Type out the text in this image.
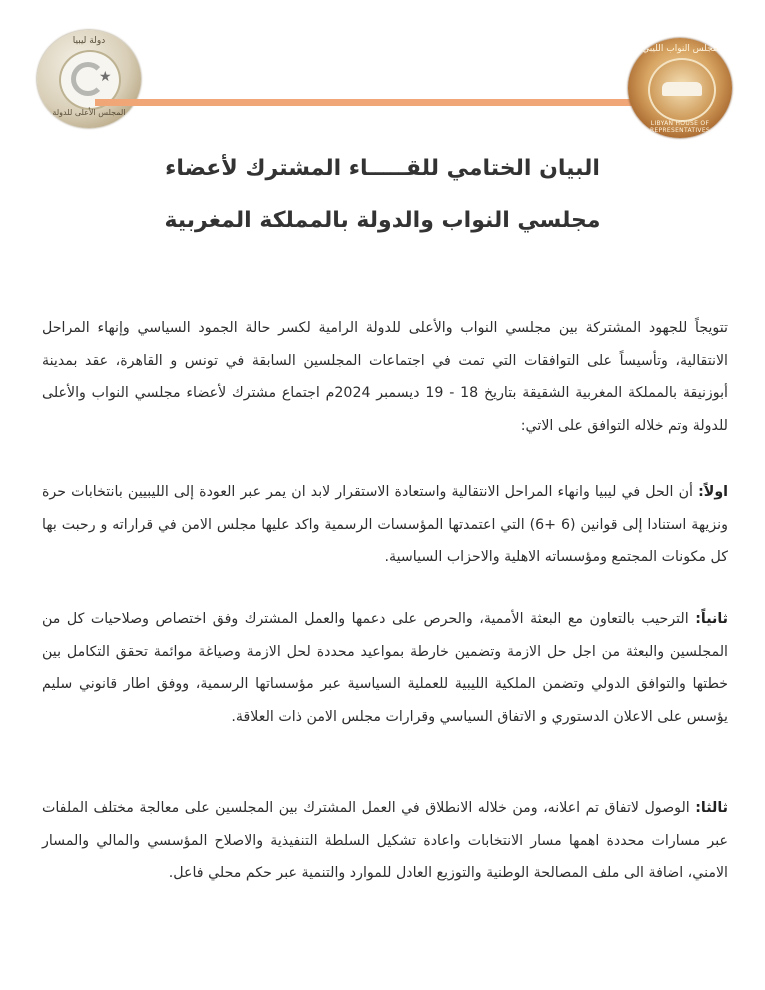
دولة ليبيا
★
المجلس الأعلى للدولة
مجلس النواب الليبي
LIBYAN HOUSE OF REPRESENTATIVES
البيان الختامي للقـــــاء المشترك لأعضاء
مجلسي النواب والدولة بالمملكة المغربية

تتويجاً للجهود المشتركة بين مجلسي النواب والأعلى للدولة الرامية لكسر حالة الجمود السياسي وإنهاء المراحل الانتقالية، وتأسيساً على التوافقات التي تمت في اجتماعات المجلسين السابقة في تونس و القاهرة، عقد بمدينة أبوزنيقة بالمملكة المغربية الشقيقة بتاريخ 18 - 19 ديسمبر 2024م اجتماع مشترك لأعضاء مجلسي النواب والأعلى للدولة وتم خلاله التوافق على الاتي:

اولاً: أن الحل في ليبيا وانهاء المراحل الانتقالية واستعادة الاستقرار لابد ان يمر عبر العودة إلى الليبيين بانتخابات حرة ونزيهة استنادا إلى قوانين (6 +6) التي اعتمدتها المؤسسات الرسمية واكد عليها مجلس الامن في قراراته و رحبت بها كل مكونات المجتمع ومؤسساته الاهلية والاحزاب السياسية.

ثانياً: الترحيب بالتعاون مع البعثة الأممية، والحرص على دعمها والعمل المشترك وفق اختصاص وصلاحيات كل من المجلسين والبعثة من اجل حل الازمة وتضمين خارطة بمواعيد محددة لحل الازمة وصياغة موائمة تحقق التكامل بين خطتها والتوافق الدولي وتضمن الملكية الليبية للعملية السياسية عبر مؤسساتها الرسمية، ووفق اطار قانوني سليم يؤسس على الاعلان الدستوري و الاتفاق السياسي وقرارات مجلس الامن ذات العلاقة.

ثالثا: الوصول لاتفاق تم اعلانه، ومن خلاله الانطلاق في العمل المشترك بين المجلسين على معالجة مختلف الملفات عبر مسارات محددة اهمها مسار الانتخابات واعادة تشكيل السلطة التنفيذية والاصلاح المؤسسي والمالي والمسار الامني، اضافة الى ملف المصالحة الوطنية والتوزيع العادل للموارد والتنمية عبر حكم محلي فاعل.
